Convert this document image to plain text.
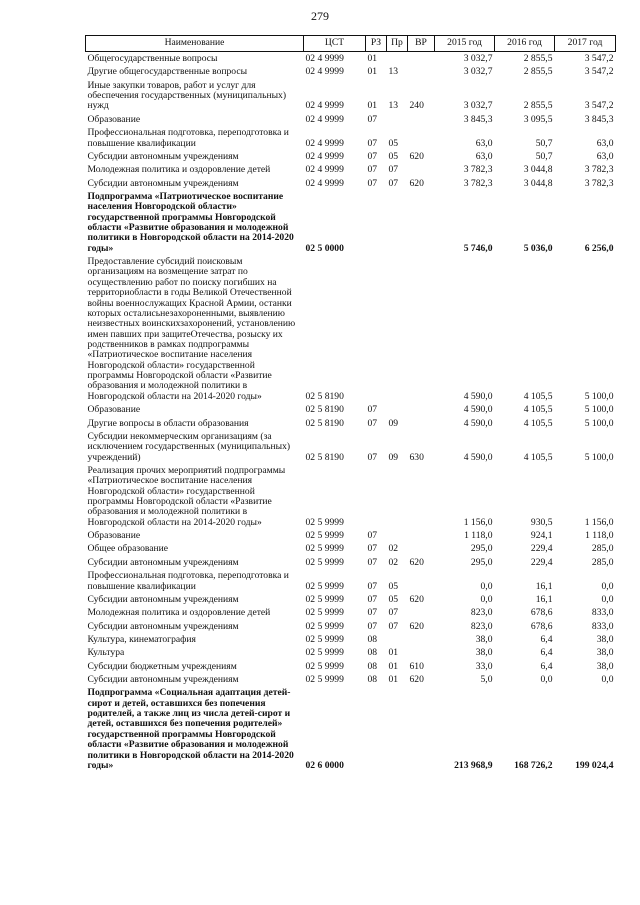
279
Наименование	ЦСТ	РЗ	Пр	ВР	2015 год	2016 год	2017 год
Общегосударственные вопросы	02 4 9999	01			3 032,7	2 855,5	3 547,2
Другие общегосударственные вопросы	02 4 9999	01	13		3 032,7	2 855,5	3 547,2
Иные закупки товаров, работ и услуг для обеспечения государственных (муниципальных) нужд	02 4 9999	01	13	240	3 032,7	2 855,5	3 547,2
Образование	02 4 9999	07			3 845,3	3 095,5	3 845,3
Профессиональная подготовка, переподготовка и повышение квалификации	02 4 9999	07	05		63,0	50,7	63,0
Субсидии автономным учреждениям	02 4 9999	07	05	620	63,0	50,7	63,0
Молодежная политика и оздоровление детей	02 4 9999	07	07		3 782,3	3 044,8	3 782,3
Субсидии автономным учреждениям	02 4 9999	07	07	620	3 782,3	3 044,8	3 782,3
Подпрограмма «Патриотическое воспитание населения Новгородской области» государственной программы Новгородской области «Развитие образования и молодежной политики в Новгородской области на 2014-2020 годы»	02 5 0000				5 746,0	5 036,0	6 256,0
Предоставление субсидий поисковым организациям на возмещение затрат по осуществлению работ по поиску погибших на территориобласти в годы Великой Отечественной войны военнослужащих Красной Армии, останки которых осталисьнезахороненными, выявлению неизвестных воинскихзахоронений, установлению имен павших при защитеОтечества, розыску их родственников в рамках подпрограммы «Патриотическое воспитание населения Новгородской области» государственной программы Новгородской области «Развитие образования и молодежной политики в Новгородской области на 2014-2020 годы»	02 5 8190				4 590,0	4 105,5	5 100,0
Образование	02 5 8190	07			4 590,0	4 105,5	5 100,0
Другие вопросы в области образования	02 5 8190	07	09		4 590,0	4 105,5	5 100,0
Субсидии некоммерческим организациям (за исключением государственных (муниципальных) учреждений)	02 5 8190	07	09	630	4 590,0	4 105,5	5 100,0
Реализация прочих мероприятий подпрограммы «Патриотическое воспитание населения Новгородской области» государственной программы Новгородской области «Развитие образования и молодежной политики в Новгородской области на 2014-2020 годы»	02 5 9999				1 156,0	930,5	1 156,0
Образование	02 5 9999	07			1 118,0	924,1	1 118,0
Общее образование	02 5 9999	07	02		295,0	229,4	285,0
Субсидии автономным учреждениям	02 5 9999	07	02	620	295,0	229,4	285,0
Профессиональная подготовка, переподготовка и повышение квалификации	02 5 9999	07	05		0,0	16,1	0,0
Субсидии автономным учреждениям	02 5 9999	07	05	620	0,0	16,1	0,0
Молодежная политика и оздоровление детей	02 5 9999	07	07		823,0	678,6	833,0
Субсидии автономным учреждениям	02 5 9999	07	07	620	823,0	678,6	833,0
Культура, кинематография	02 5 9999	08			38,0	6,4	38,0
Культура	02 5 9999	08	01		38,0	6,4	38,0
Субсидии бюджетным учреждениям	02 5 9999	08	01	610	33,0	6,4	38,0
Субсидии автономным учреждениям	02 5 9999	08	01	620	5,0	0,0	0,0
Подпрограмма «Социальная адаптация детей-сирот и детей, оставшихся без попечения родителей, а также лиц из числа детей-сирот и детей, оставшихся без попечения родителей» государственной программы Новгородской области «Развитие образования и молодежной политики в Новгородской области на 2014-2020 годы»	02 6 0000				213 968,9	168 726,2	199 024,4
